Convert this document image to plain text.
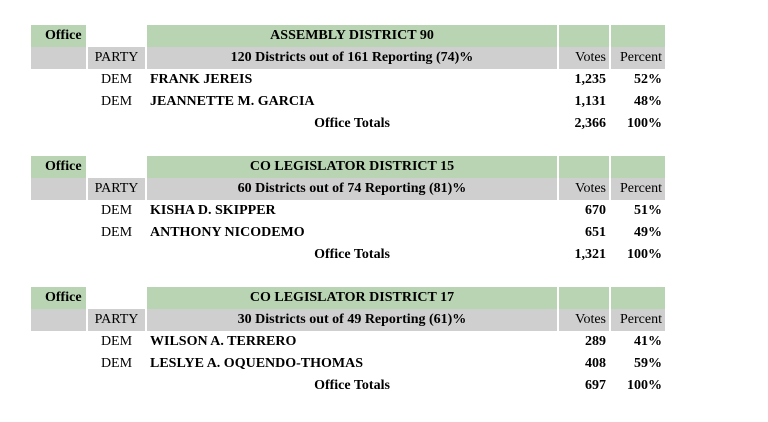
Office		ASSEMBLY DISTRICT 90		
	PARTY	120 Districts out of 161 Reporting (74)%	Votes	Percent
	DEM	FRANK JEREIS	1,235	52%
	DEM	JEANNETTE M. GARCIA	1,131	48%
		Office Totals	2,366	100%
Office		CO LEGISLATOR DISTRICT 15		
	PARTY	60 Districts out of 74 Reporting (81)%	Votes	Percent
	DEM	KISHA D. SKIPPER	670	51%
	DEM	ANTHONY NICODEMO	651	49%
		Office Totals	1,321	100%
Office		CO LEGISLATOR DISTRICT 17		
	PARTY	30 Districts out of 49 Reporting (61)%	Votes	Percent
	DEM	WILSON A. TERRERO	289	41%
	DEM	LESLYE A. OQUENDO-THOMAS	408	59%
		Office Totals	697	100%
